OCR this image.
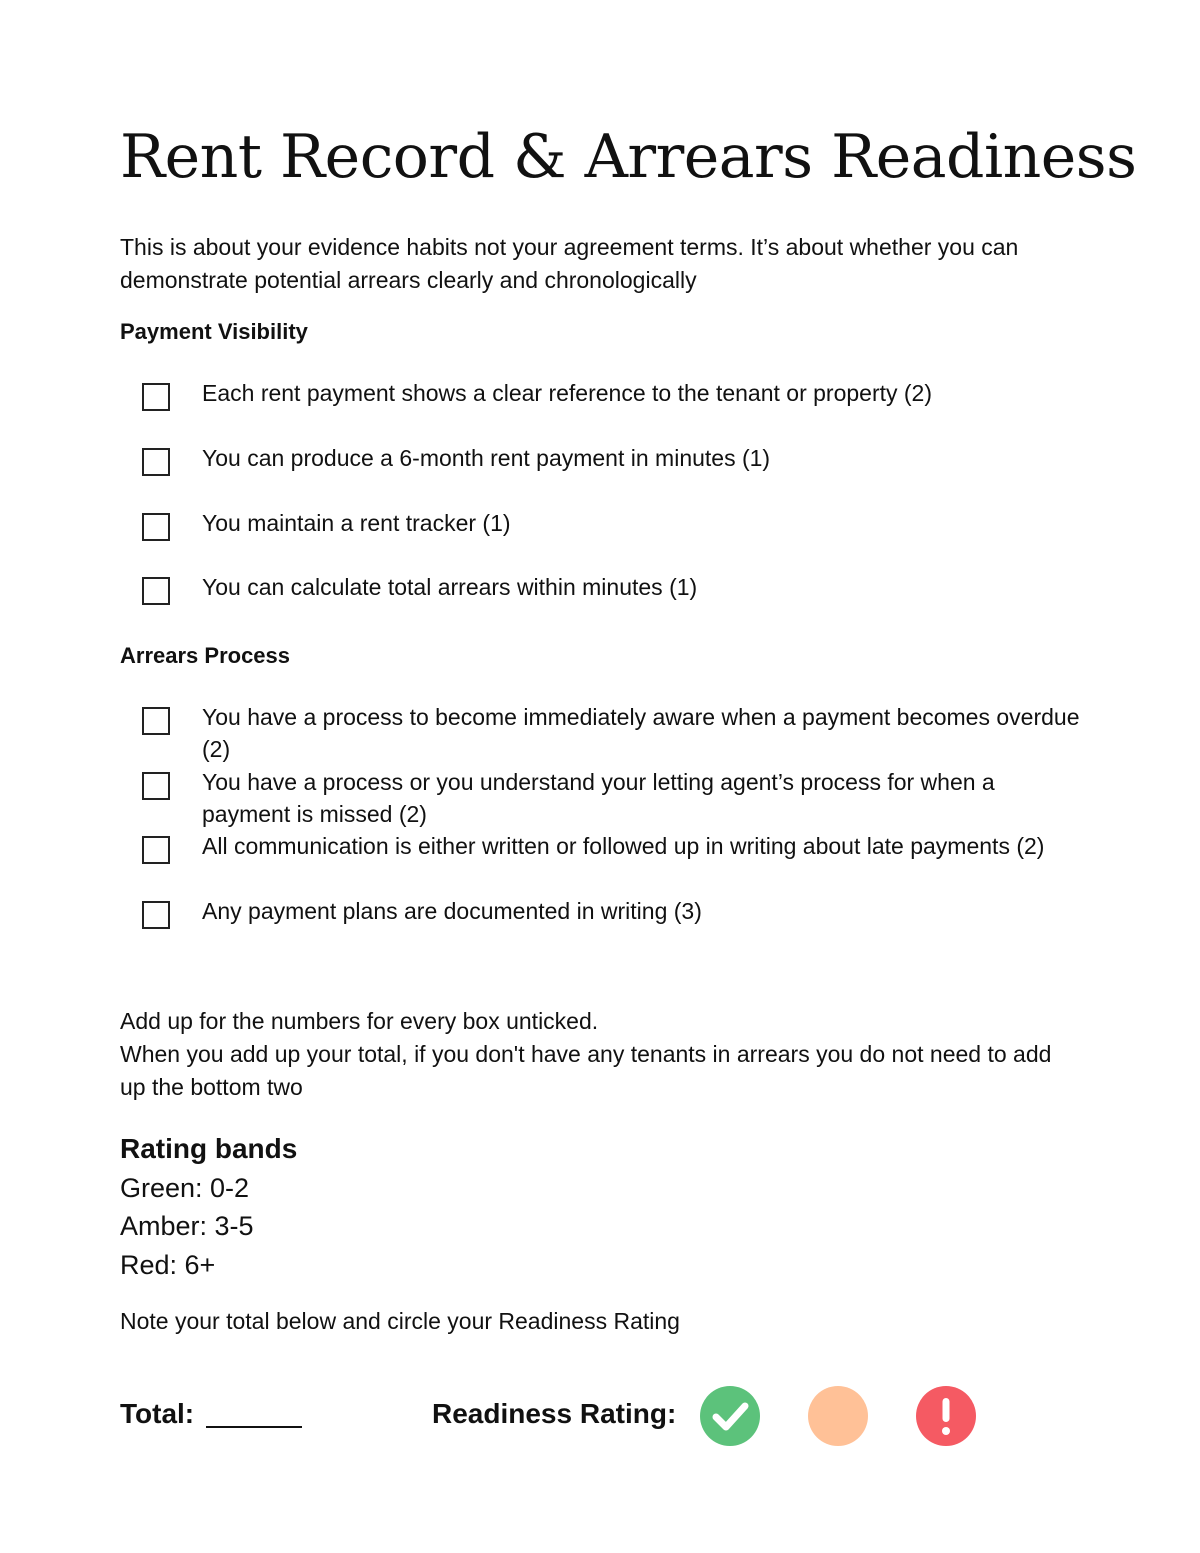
Rent Record & Arrears Readiness

This is about your evidence habits not your agreement terms. It’s about whether you can demonstrate potential arrears clearly and chronologically

Payment Visibility
Each rent payment shows a clear reference to the tenant or property (2)
You can produce a 6-month rent payment in minutes (1)
You maintain a rent tracker (1)
You can calculate total arrears within minutes (1)
Arrears Process
You have a process to become immediately aware when a payment becomes overdue (2)
You have a process or you understand your letting agent’s process for when a payment is missed (2)
All communication is either written or followed up in writing about late payments (2)
Any payment plans are documented in writing (3)

Add up for the numbers for every box unticked.

When you add up your total, if you don't have any tenants in arrears you do not need to add up the bottom two

Rating bands
Green: 0-2
Amber: 3-5
Red: 6+
Note your total below and circle your Readiness Rating
Total:	Readiness Rating:
